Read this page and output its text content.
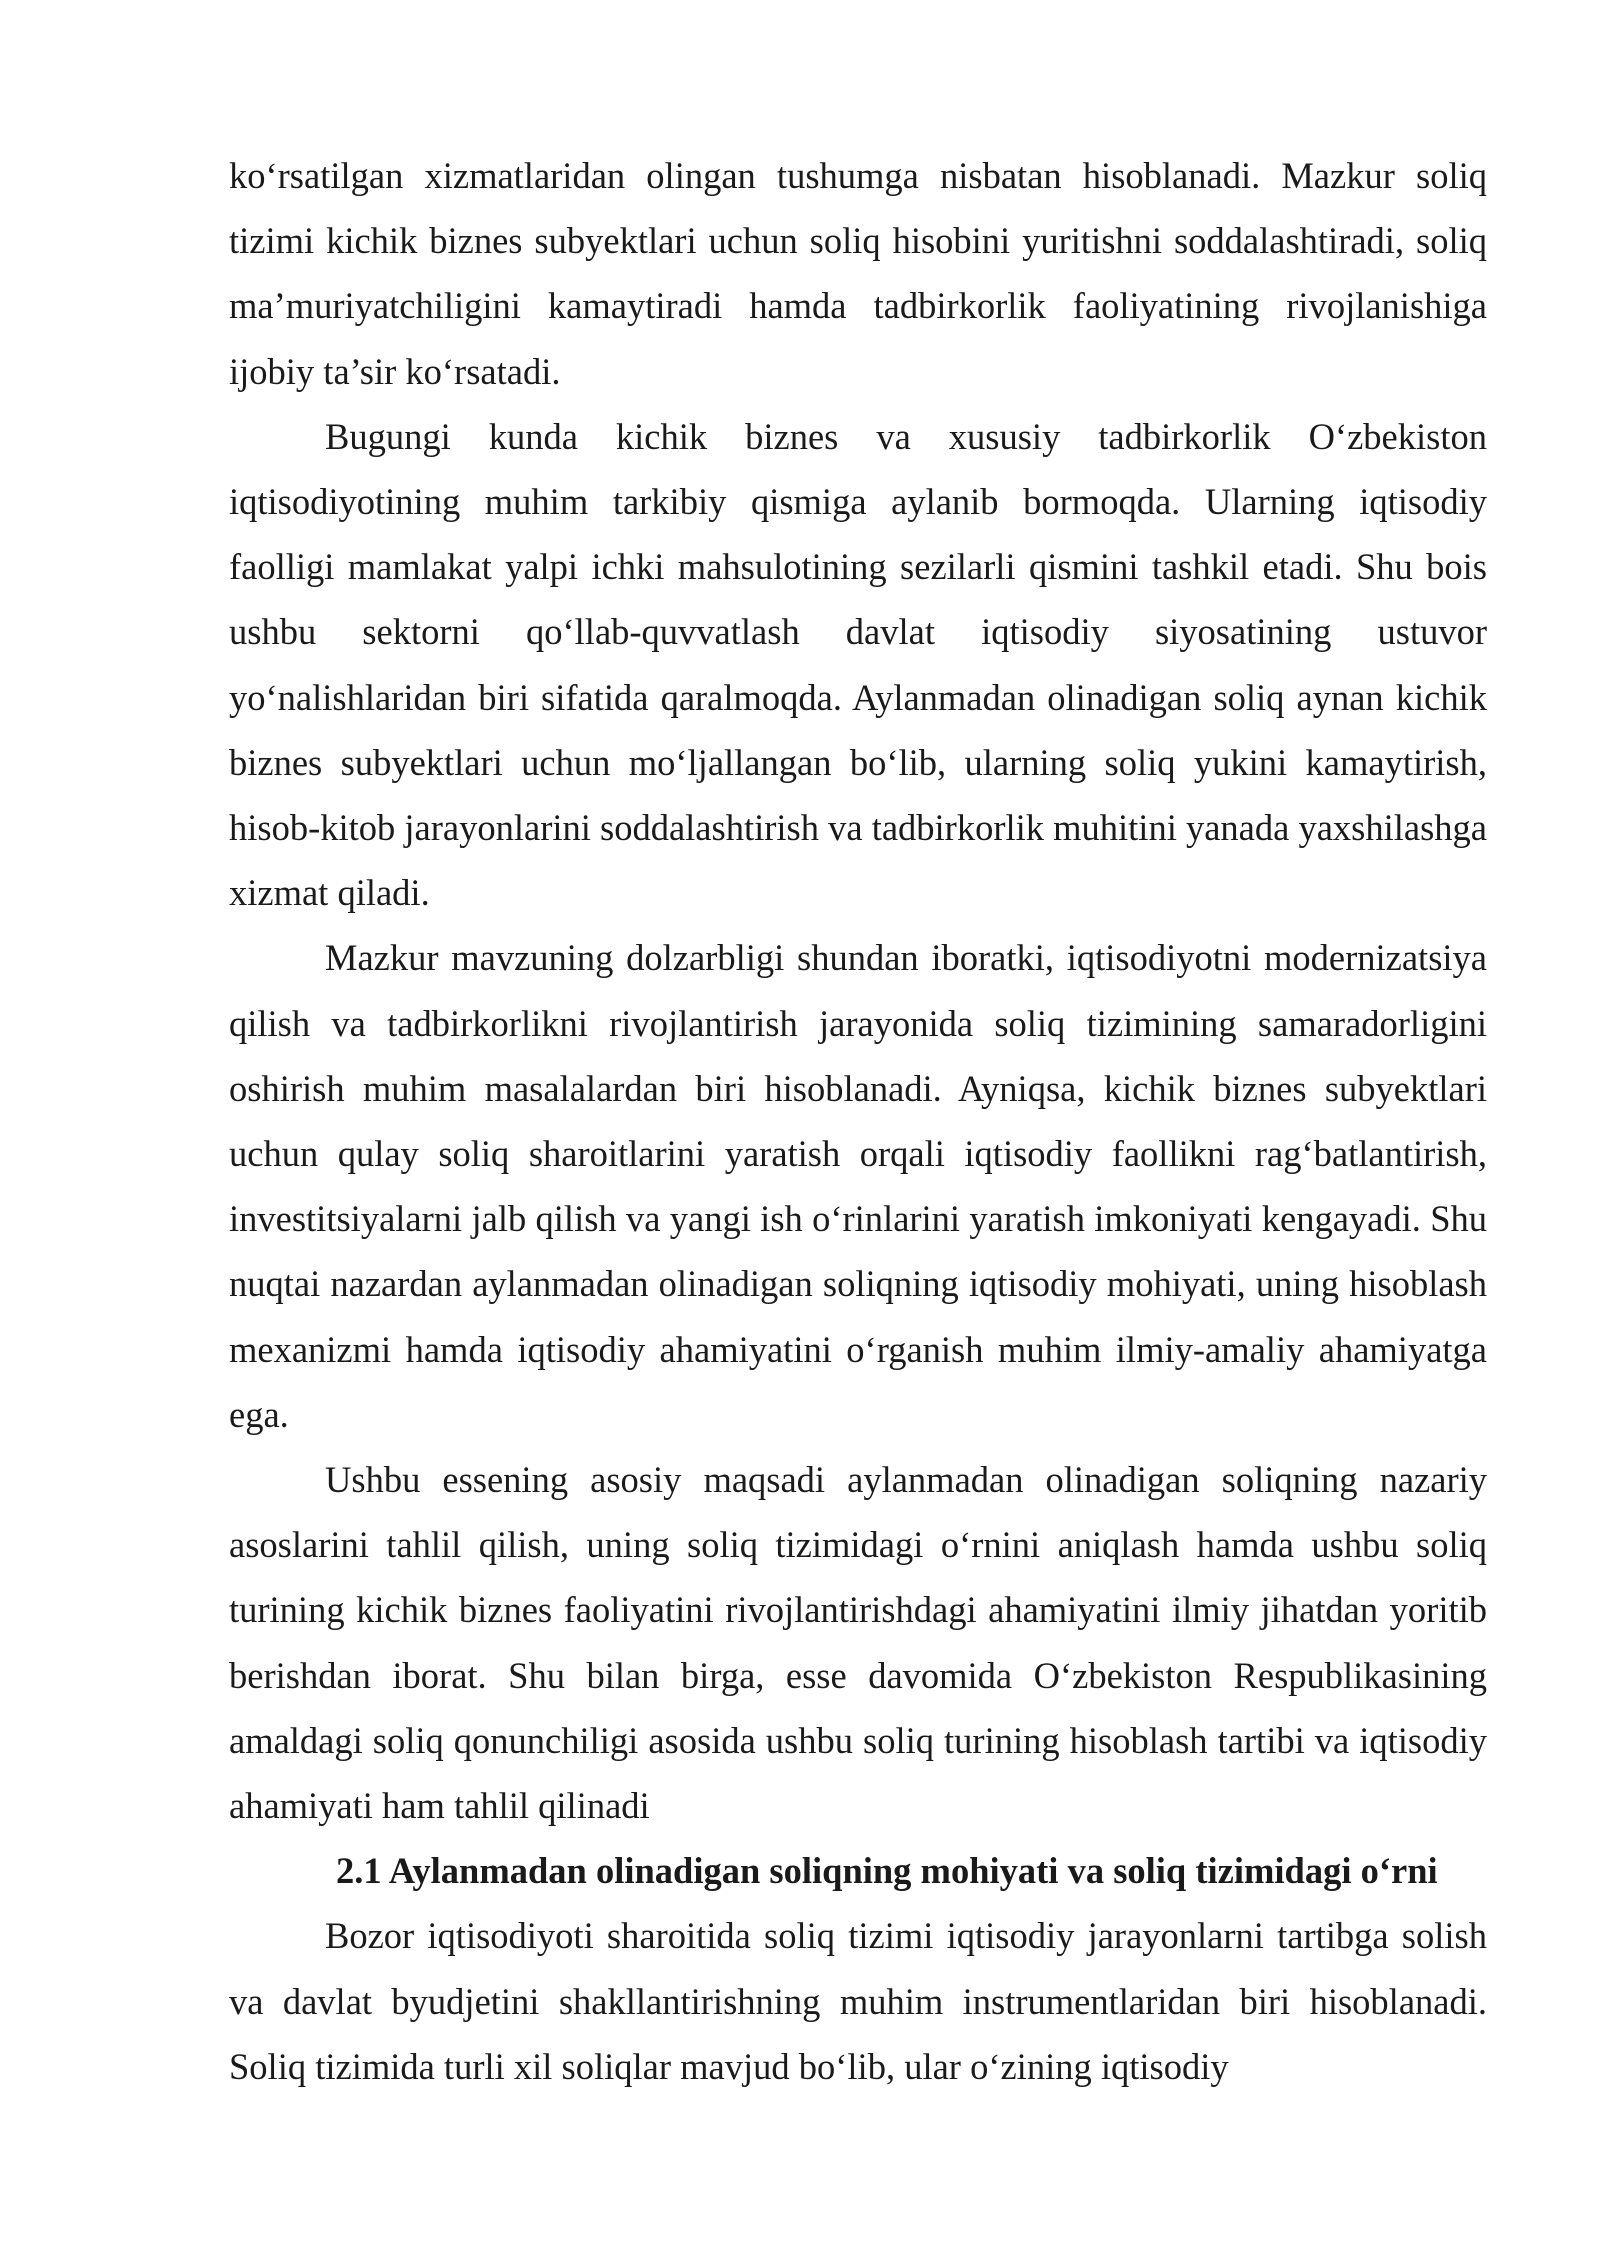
ko‘rsatilgan xizmatlaridan olingan tushumga nisbatan hisoblanadi. Mazkur soliq tizimi kichik biznes subyektlari uchun soliq hisobini yuritishni soddalashtiradi, soliq ma’muriyatchiligini kamaytiradi hamda tadbirkorlik faoliyatining rivojlanishiga ijobiy ta’sir ko‘rsatadi.

Bugungi kunda kichik biznes va xususiy tadbirkorlik O‘zbekiston iqtisodiyotining muhim tarkibiy qismiga aylanib bormoqda. Ularning iqtisodiy faolligi mamlakat yalpi ichki mahsulotining sezilarli qismini tashkil etadi. Shu bois ushbu sektorni qo‘llab-quvvatlash davlat iqtisodiy siyosatining ustuvor yo‘nalishlaridan biri sifatida qaralmoqda. Aylanmadan olinadigan soliq aynan kichik biznes subyektlari uchun mo‘ljallangan bo‘lib, ularning soliq yukini kamaytirish, hisob-kitob jarayonlarini soddalashtirish va tadbirkorlik muhitini yanada yaxshilashga xizmat qiladi.

Mazkur mavzuning dolzarbligi shundan iboratki, iqtisodiyotni modernizatsiya qilish va tadbirkorlikni rivojlantirish jarayonida soliq tizimining samaradorligini oshirish muhim masalalardan biri hisoblanadi. Ayniqsa, kichik biznes subyektlari uchun qulay soliq sharoitlarini yaratish orqali iqtisodiy faollikni rag‘batlantirish, investitsiyalarni jalb qilish va yangi ish o‘rinlarini yaratish imkoniyati kengayadi. Shu nuqtai nazardan aylanmadan olinadigan soliqning iqtisodiy mohiyati, uning hisoblash mexanizmi hamda iqtisodiy ahamiyatini o‘rganish muhim ilmiy-amaliy ahamiyatga ega.

Ushbu essening asosiy maqsadi aylanmadan olinadigan soliqning nazariy asoslarini tahlil qilish, uning soliq tizimidagi o‘rnini aniqlash hamda ushbu soliq turining kichik biznes faoliyatini rivojlantirishdagi ahamiyatini ilmiy jihatdan yoritib berishdan iborat. Shu bilan birga, esse davomida O‘zbekiston Respublikasining amaldagi soliq qonunchiligi asosida ushbu soliq turining hisoblash tartibi va iqtisodiy ahamiyati ham tahlil qilinadi

2.1 Aylanmadan olinadigan soliqning mohiyati va soliq tizimidagi o‘rni

Bozor iqtisodiyoti sharoitida soliq tizimi iqtisodiy jarayonlarni tartibga solish va davlat byudjetini shakllantirishning muhim instrumentlaridan biri hisoblanadi. Soliq tizimida turli xil soliqlar mavjud bo‘lib, ular o‘zining iqtisodiy
